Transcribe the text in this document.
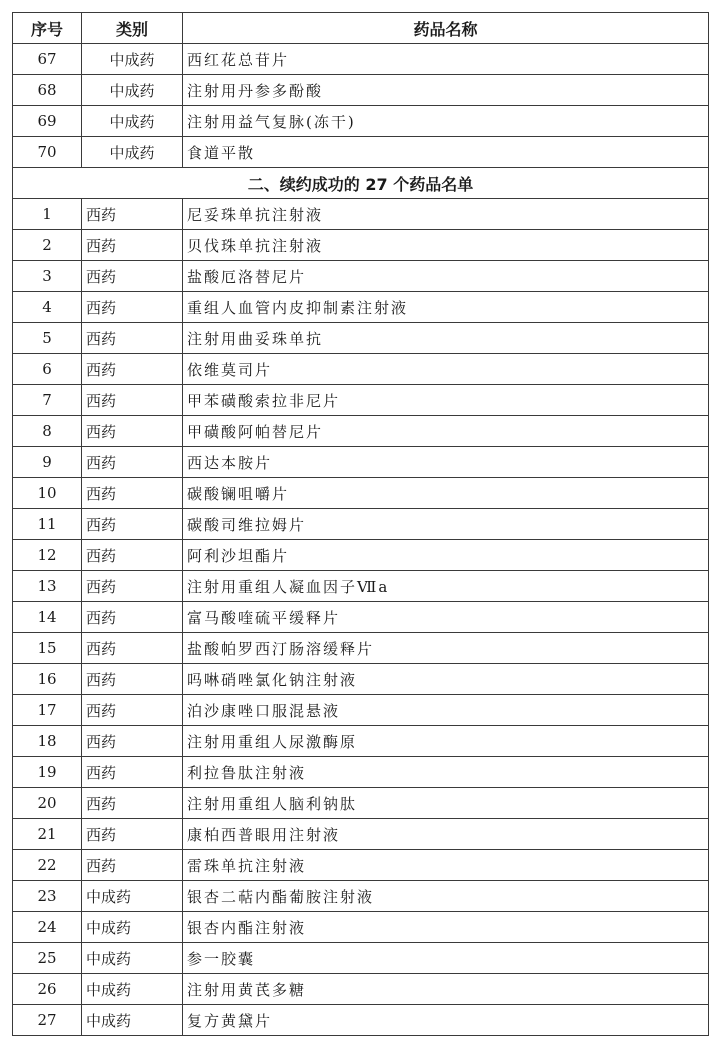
序号	类别	药品名称
67	中成药	西红花总苷片
68	中成药	注射用丹参多酚酸
69	中成药	注射用益气复脉(冻干)
70	中成药	食道平散
二、续约成功的 27 个药品名单		
1	西药	尼妥珠单抗注射液
2	西药	贝伐珠单抗注射液
3	西药	盐酸厄洛替尼片
4	西药	重组人血管内皮抑制素注射液
5	西药	注射用曲妥珠单抗
6	西药	依维莫司片
7	西药	甲苯磺酸索拉非尼片
8	西药	甲磺酸阿帕替尼片
9	西药	西达本胺片
10	西药	碳酸镧咀嚼片
11	西药	碳酸司维拉姆片
12	西药	阿利沙坦酯片
13	西药	注射用重组人凝血因子Ⅶa
14	西药	富马酸喹硫平缓释片
15	西药	盐酸帕罗西汀肠溶缓释片
16	西药	吗啉硝唑氯化钠注射液
17	西药	泊沙康唑口服混悬液
18	西药	注射用重组人尿激酶原
19	西药	利拉鲁肽注射液
20	西药	注射用重组人脑利钠肽
21	西药	康柏西普眼用注射液
22	西药	雷珠单抗注射液
23	中成药	银杏二萜内酯葡胺注射液
24	中成药	银杏内酯注射液
25	中成药	参一胶囊
26	中成药	注射用黄芪多糖
27	中成药	复方黄黛片
